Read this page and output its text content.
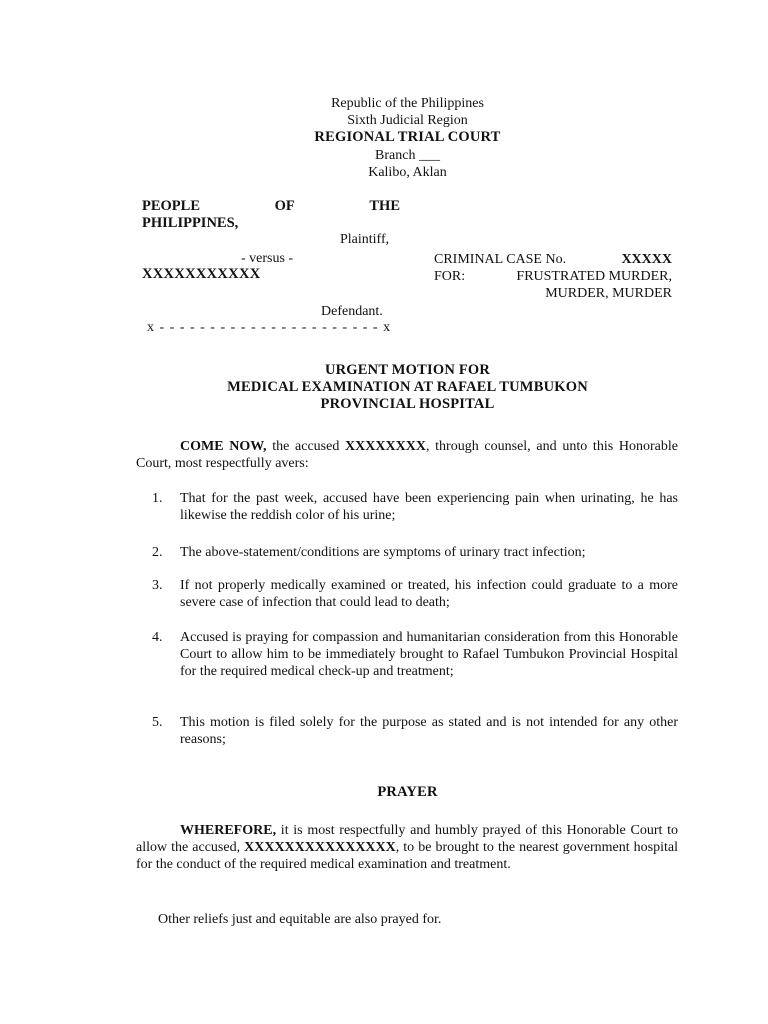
Republic of the Philippines
Sixth Judicial Region
REGIONAL TRIAL COURT
Branch ___
Kalibo, Aklan
PEOPLE	OF	THE
PHILIPPINES,
Plaintiff,
- versus -
XXXXXXXXXXX
Defendant.
x - - - - - - - - - - - - - - - - - - - - - - x
CRIMINAL CASE No.	XXXXX
FOR:	FRUSTRATED MURDER,
MURDER, MURDER
URGENT MOTION FOR
MEDICAL EXAMINATION AT RAFAEL TUMBUKON
PROVINCIAL HOSPITAL
COME NOW, the accused XXXXXXXX, through counsel, and unto this Honorable Court, most respectfully avers:
1.	That for the past week, accused have been experiencing pain when urinating, he has likewise the reddish color of his urine;
2.	The above-statement/conditions are symptoms of urinary tract infection;
3.	If not properly medically examined or treated, his infection could graduate to a more severe case of infection that could lead to death;
4.	Accused is praying for compassion and humanitarian consideration from this Honorable Court to allow him to be immediately brought to Rafael Tumbukon Provincial Hospital for the required medical check-up and treatment;
5.	This motion is filed solely for the purpose as stated and is not intended for any other reasons;
PRAYER
WHEREFORE, it is most respectfully and humbly prayed of this Honorable Court to allow the accused, XXXXXXXXXXXXXXX, to be brought to the nearest government hospital for the conduct of the required medical examination and treatment.
Other reliefs just and equitable are also prayed for.
